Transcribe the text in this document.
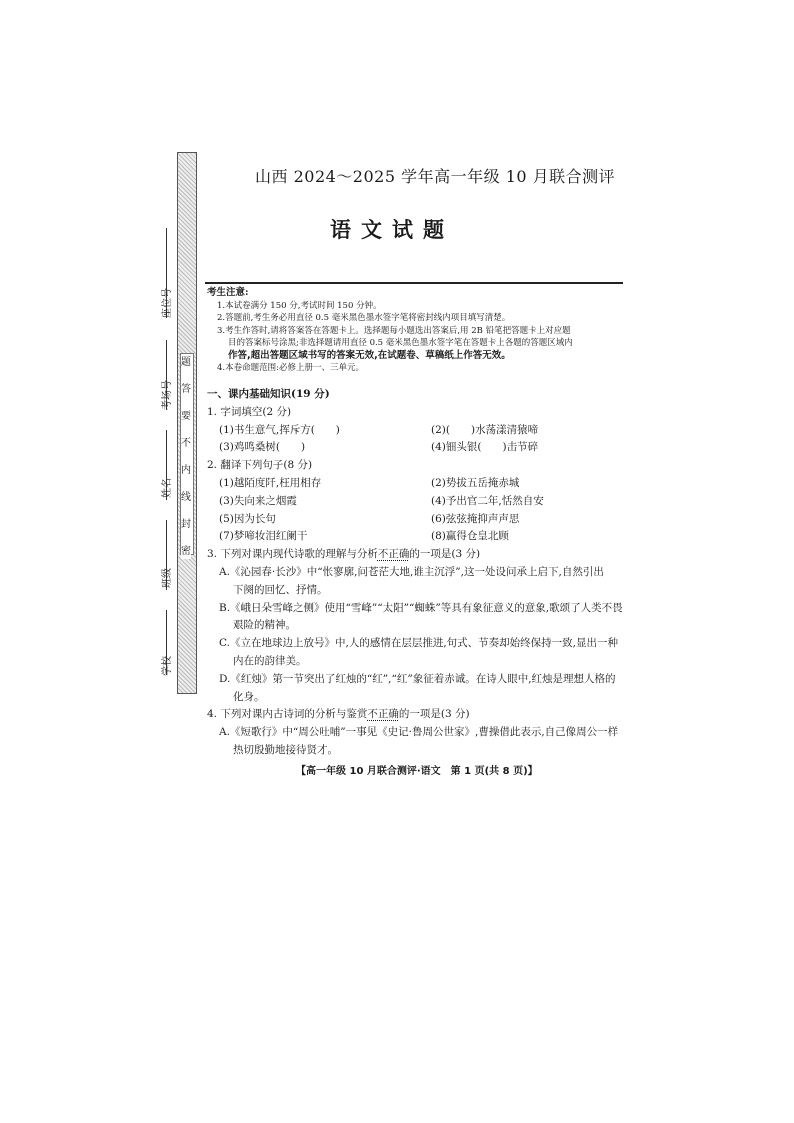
题
答
要
不
内
线
封
密
座位号
考场号
姓名
班级
学校
山西 2024～2025 学年高一年级 10 月联合测评
语文试题
考生注意:
1.本试卷满分 150 分,考试时间 150 分钟。
2.答题前,考生务必用直径 0.5 毫米黑色墨水签字笔将密封线内项目填写清楚。
3.考生作答时,请将答案答在答题卡上。选择题每小题选出答案后,用 2B 铅笔把答题卡上对应题
目的答案标号涂黑;非选择题请用直径 0.5 毫米黑色墨水签字笔在答题卡上各题的答题区域内
作答,超出答题区域书写的答案无效,在试题卷、草稿纸上作答无效。
4.本卷命题范围:必修上册一、三单元。
一、课内基础知识(19 分)
1. 字词填空(2 分)
(1)书生意气,挥斥方(　　)	(2)(　　)水荡漾清猿啼
(3)鸡鸣桑树(　　)	(4)钿头银(　　)击节碎
2. 翻译下列句子(8 分)
(1)越陌度阡,枉用相存	(2)势拔五岳掩赤城
(3)失向来之烟霞	(4)予出官二年,恬然自安
(5)因为长句	(6)弦弦掩抑声声思
(7)梦啼妆泪红阑干	(8)赢得仓皇北顾
3. 下列对课内现代诗歌的理解与分析不正确的一项是(3 分)
A.《沁园春·长沙》中“怅寥廓,问苍茫大地,谁主沉浮”,这一处设问承上启下,自然引出
下阕的回忆、抒情。
B.《峨日朵雪峰之侧》使用“雪峰”“太阳”“蜘蛛”等具有象征意义的意象,歌颂了人类不畏
艰险的精神。
C.《立在地球边上放号》中,人的感情在层层推进,句式、节奏却始终保持一致,显出一种
内在的韵律美。
D.《红烛》第一节突出了红烛的“红”,“红”象征着赤诚。在诗人眼中,红烛是理想人格的
化身。
4. 下列对课内古诗词的分析与鉴赏不正确的一项是(3 分)
A.《短歌行》中“周公吐哺”一事见《史记·鲁周公世家》,曹操借此表示,自己像周公一样
热切殷勤地接待贤才。
【高一年级 10 月联合测评·语文　第 1 页(共 8 页)】
